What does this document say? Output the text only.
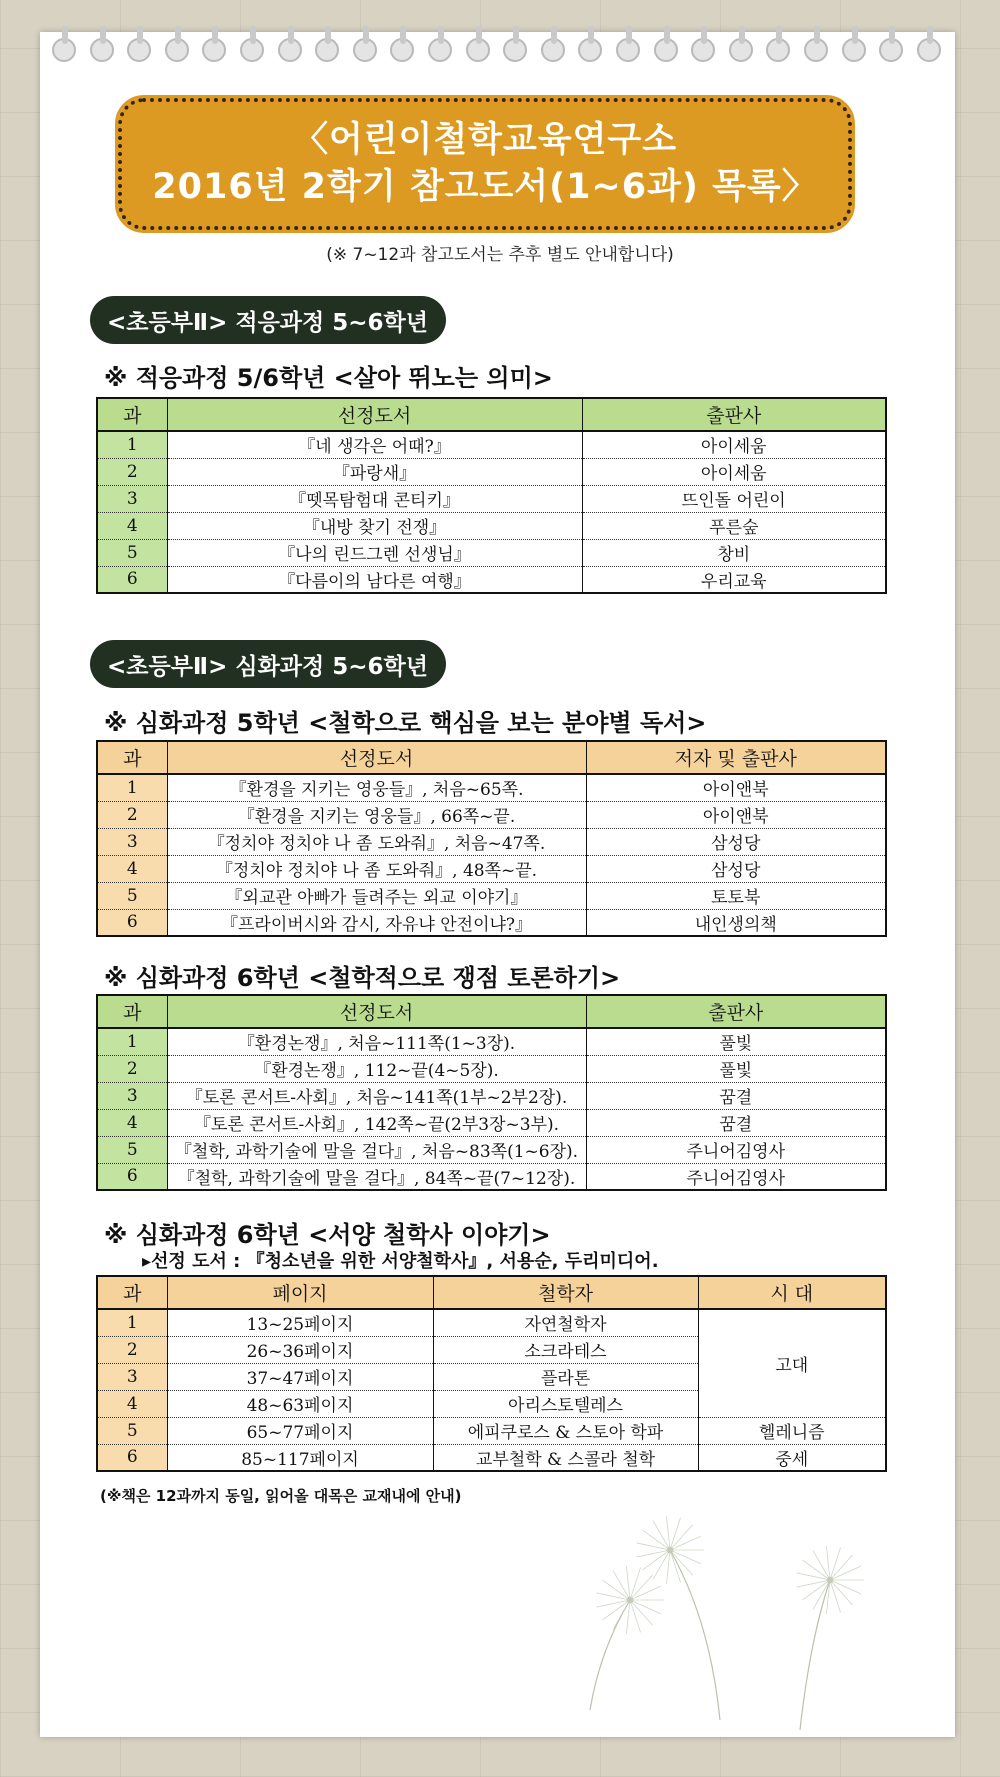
〈어린이철학교육연구소
2016년 2학기 참고도서(1~6과) 목록〉
(※ 7~12과 참고도서는 추후 별도 안내합니다)
<초등부Ⅱ> 적응과정 5~6학년
※ 적응과정 5/6학년 <살아 뛰노는 의미>
과	선정도서	출판사
1	『네 생각은 어때?』	아이세움
2	『파랑새』	아이세움
3	『뗏목탐험대 콘티키』	뜨인돌 어린이
4	『내방 찾기 전쟁』	푸른숲
5	『나의 린드그렌 선생님』	창비
6	『다름이의 남다른 여행』	우리교육
<초등부Ⅱ> 심화과정 5~6학년
※ 심화과정 5학년 <철학으로 핵심을 보는 분야별 독서>
과	선정도서	저자 및 출판사
1	『환경을 지키는 영웅들』, 처음~65쪽.	아이앤북
2	『환경을 지키는 영웅들』, 66쪽~끝.	아이앤북
3	『정치야 정치야 나 좀 도와줘』, 처음~47쪽.	삼성당
4	『정치야 정치야 나 좀 도와줘』, 48쪽~끝.	삼성당
5	『외교관 아빠가 들려주는 외교 이야기』	토토북
6	『프라이버시와 감시, 자유냐 안전이냐?』	내인생의책
※ 심화과정 6학년 <철학적으로 쟁점 토론하기>
과	선정도서	출판사
1	『환경논쟁』, 처음~111쪽(1~3장).	풀빛
2	『환경논쟁』, 112~끝(4~5장).	풀빛
3	『토론 콘서트-사회』, 처음~141쪽(1부~2부2장).	꿈결
4	『토론 콘서트-사회』, 142쪽~끝(2부3장~3부).	꿈결
5	『철학, 과학기술에 말을 걸다』, 처음~83쪽(1~6장).	주니어김영사
6	『철학, 과학기술에 말을 걸다』, 84쪽~끝(7~12장).	주니어김영사
※ 심화과정 6학년 <서양 철학사 이야기>
▸선정 도서 : 『청소년을 위한 서양철학사』, 서용순, 두리미디어.
과	페이지	철학자	시 대
1	13~25페이지	자연철학자	고대
2	26~36페이지	소크라테스	
3	37~47페이지	플라톤	
4	48~63페이지	아리스토텔레스	
5	65~77페이지	에피쿠로스 & 스토아 학파	헬레니즘
6	85~117페이지	교부철학 & 스콜라 철학	중세
(※책은 12과까지 동일, 읽어올 대목은 교재내에 안내)
